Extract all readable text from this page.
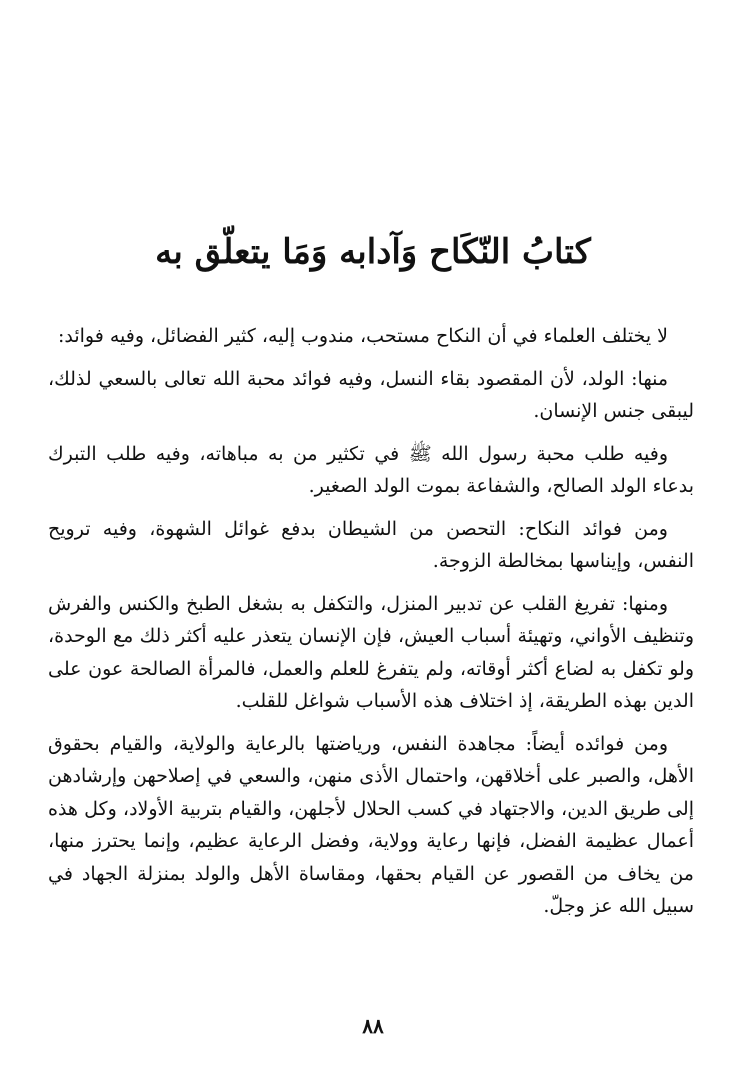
كتابُ النّكَاح وَآدابه وَمَا يتعلّق به

لا يختلف العلماء في أن النكاح مستحب، مندوب إليه، كثير الفضائل، وفيه فوائد:

منها: الولد، لأن المقصود بقاء النسل، وفيه فوائد محبة الله تعالى بالسعي لذلك، ليبقى جنس الإنسان.

وفيه طلب محبة رسول الله ﷺ في تكثير من به مباهاته، وفيه طلب التبرك بدعاء الولد الصالح، والشفاعة بموت الولد الصغير.

ومن فوائد النكاح: التحصن من الشيطان بدفع غوائل الشهوة، وفيه ترويح النفس، وإيناسها بمخالطة الزوجة.

ومنها: تفريغ القلب عن تدبير المنزل، والتكفل به بشغل الطبخ والكنس والفرش وتنظيف الأواني، وتهيئة أسباب العيش، فإن الإنسان يتعذر عليه أكثر ذلك مع الوحدة، ولو تكفل به لضاع أكثر أوقاته، ولم يتفرغ للعلم والعمل، فالمرأة الصالحة عون على الدين بهذه الطريقة، إذ اختلاف هذه الأسباب شواغل للقلب.

ومن فوائده أيضاً: مجاهدة النفس، ورياضتها بالرعاية والولاية، والقيام بحقوق الأهل، والصبر على أخلاقهن، واحتمال الأذى منهن، والسعي في إصلاحهن وإرشادهن إلى طريق الدين، والاجتهاد في كسب الحلال لأجلهن، والقيام بتربية الأولاد، وكل هذه أعمال عظيمة الفضل، فإنها رعاية وولاية، وفضل الرعاية عظيم، وإنما يحترز منها، من يخاف من القصور عن القيام بحقها، ومقاساة الأهل والولد بمنزلة الجهاد في سبيل الله عز وجلّ.

٨٨
